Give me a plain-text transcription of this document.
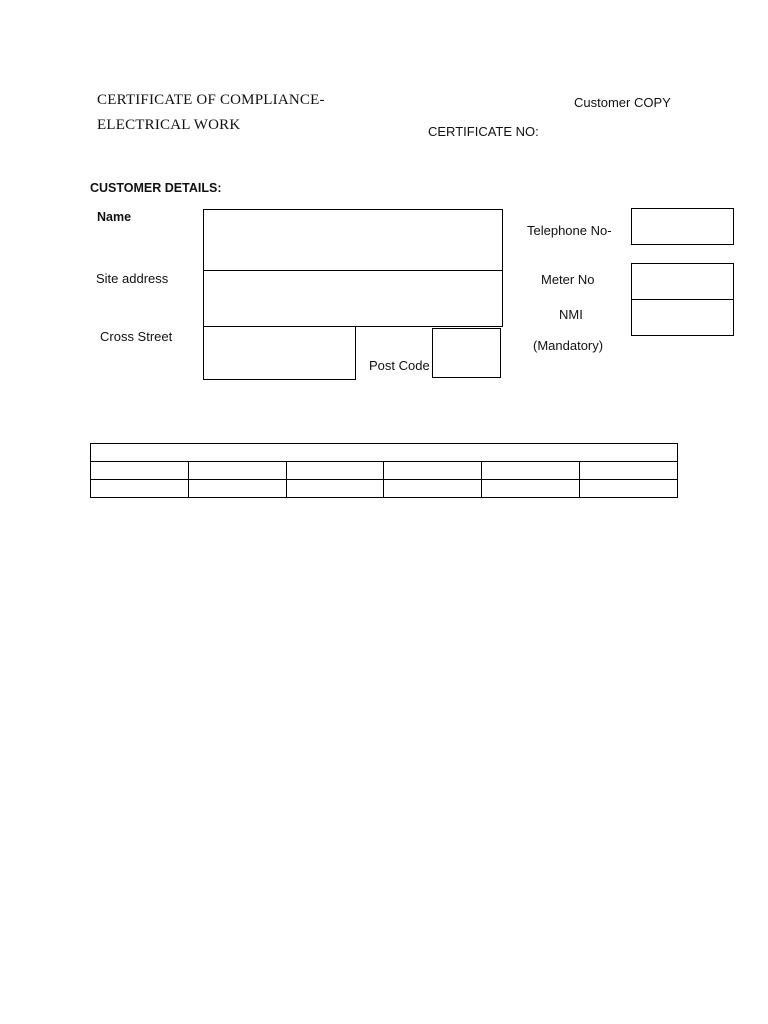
CERTIFICATE OF COMPLIANCE-
ELECTRICAL WORK
Customer COPY
CERTIFICATE NO:
CUSTOMER DETAILS:
Name
Site address
Cross Street
Post Code
Telephone No-
Meter No
NMI
(Mandatory)
